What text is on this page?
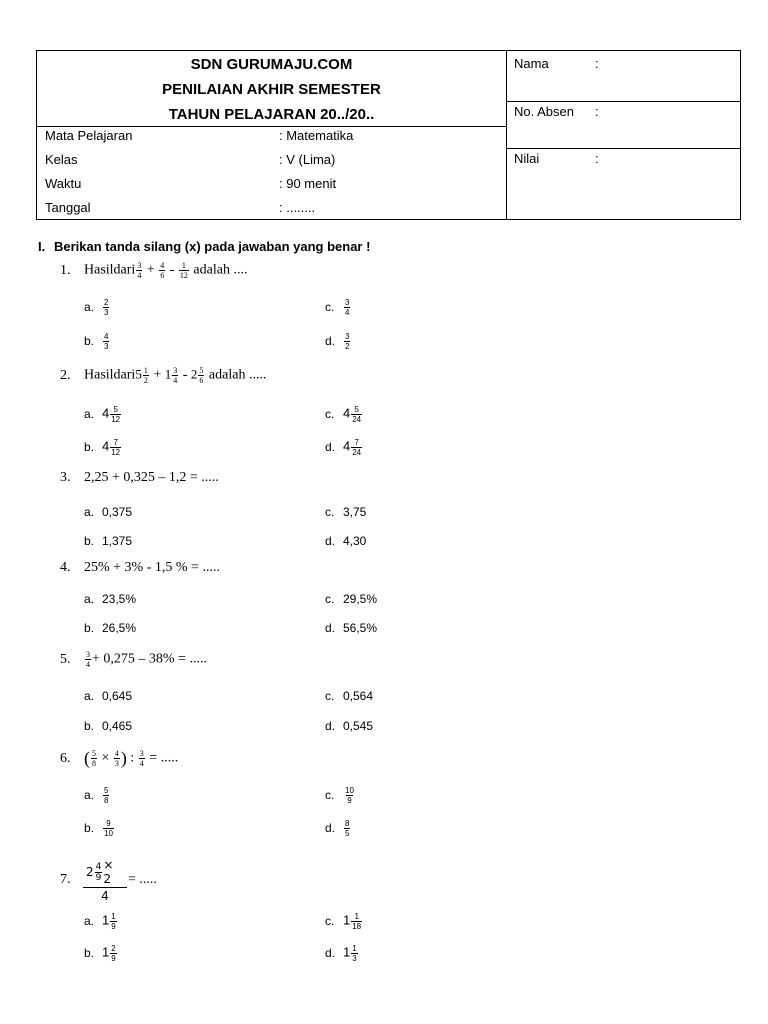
SDN GURUMAJU.COM
PENILAIAN AKHIR SEMESTER
TAHUN PELAJARAN 20../20..
Mata Pelajaran	: Matematika
Kelas	: V (Lima)
Waktu	: 90 menit
Tanggal	: ........
Nama	:
No. Absen :
Nilai	:
I. Berikan tanda silang (x) pada jawaban yang benar !
1. Hasildari $\frac{3}{4} + \frac{4}{6} - \frac{1}{12}$ adalah ....
a. $\frac{2}{3}$
b. $\frac{4}{3}$
c. $\frac{3}{4}$
d. $\frac{3}{2}$
2. Hasildari5 $\frac{1}{2} + 1 \frac{3}{4} - 2 \frac{5}{6}$ adalah .....
a. $4 \frac{5}{12}$
b. $4 \frac{7}{12}$
c. $4 \frac{5}{24}$
d. $4 \frac{7}{24}$
3. 2,25 + 0,325 – 1,2 = .....
a. 0,375
b. 1,375
c. 3,75
d. 4,30
4. 25% + 3% - 1,5 % = .....
a. 23,5%
b. 26,5%
c. 29,5%
d. 56,5%
5. $\frac{3}{4} + 0,275 - 38\%$ = .....
a. 0,645
b. 0,465
c. 0,564
d. 0,545
6. ( $\frac{5}{8} \times \frac{4}{3}$ ) : $\frac{3}{4}$ = .....
a. $\frac{5}{8}$
b. $\frac{9}{10}$
c. $\frac{10}{9}$
d. $\frac{8}{5}$
7. $2 \frac{4}{9} \times 2$
4
= .....
a. $1 \frac{1}{9}$
b. $1 \frac{2}{9}$
c. $1 \frac{1}{18}$
d. $1 \frac{1}{3}$
